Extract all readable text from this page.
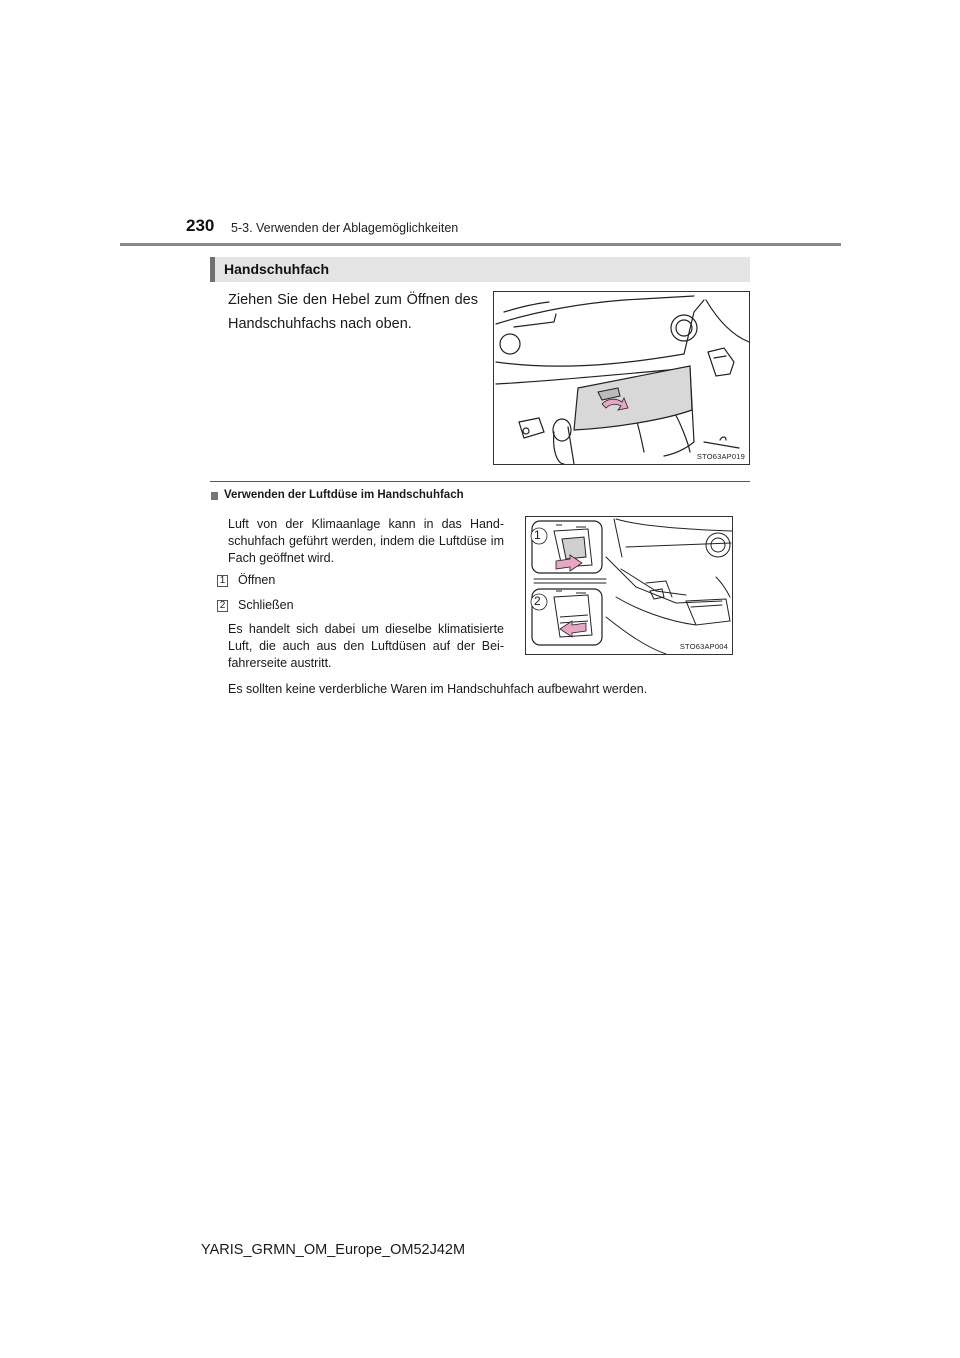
230 5-3. Verwenden der Ablagemöglichkeiten
Handschuhfach
Ziehen Sie den Hebel zum Öffnen des Handschuhfachs nach oben.
STO63AP019
Verwenden der Luftdüse im Handschuhfach
Luft von der Klimaanlage kann in das Hand-schuhfach geführt werden, indem die Luftdüse im Fach geöffnet wird.
1 Öffnen
2 Schließen
Es handelt sich dabei um dieselbe klimatisierte Luft, die auch aus den Luftdüsen auf der Bei-fahrerseite austritt.
Es sollten keine verderbliche Waren im Handschuhfach aufbewahrt werden.
1
2
STO63AP004
YARIS_GRMN_OM_Europe_OM52J42M
